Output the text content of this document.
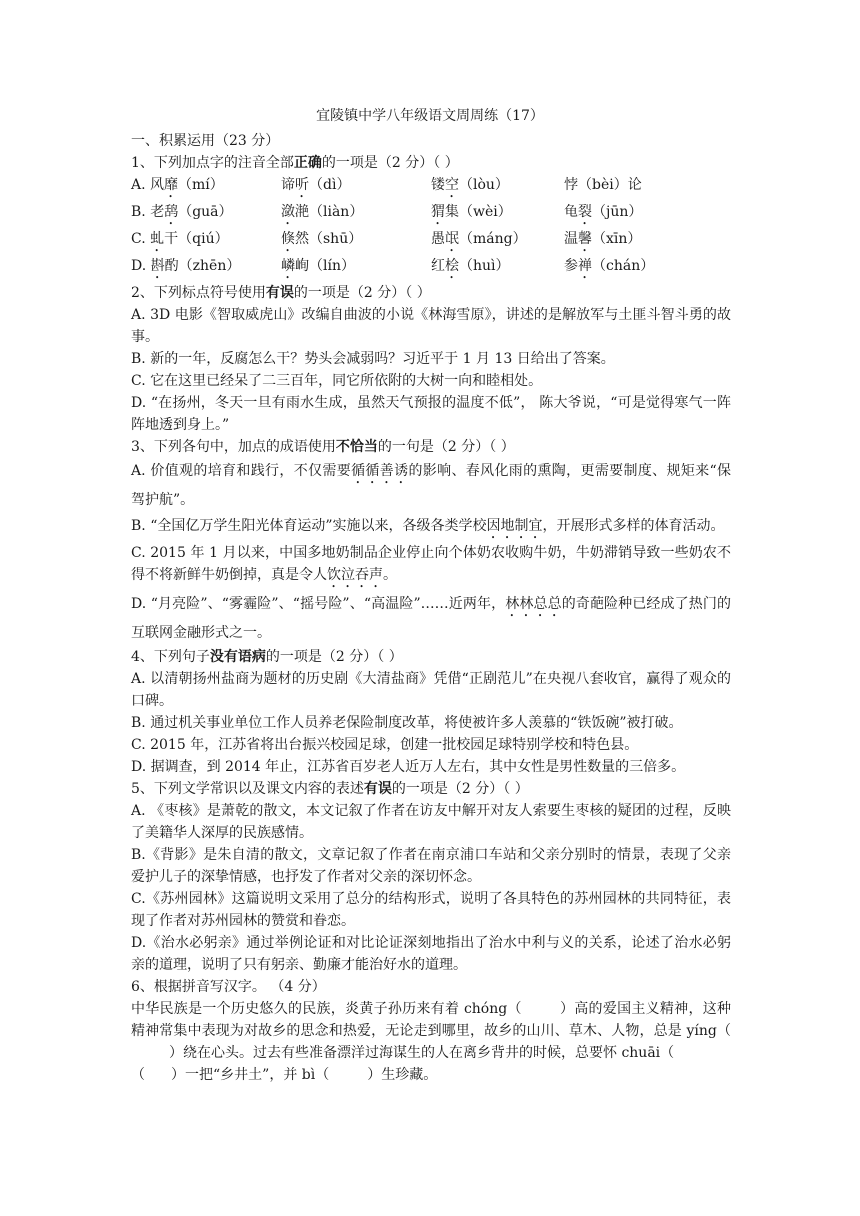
宜陵镇中学八年级语文周周练（17）
一、积累运用（23 分）
1、下列加点字的注音全部正确的一项是（2 分）（ ）
A. 风靡（mí）	谛听（dì）	镂空（lòu）	悖（bèi）论
B. 老鸹（guā）	潋滟（liàn）	猬集（wèi）	龟裂（jūn）
C. 虬干（qiú）	倏然（shū）	愚氓（máng）	温馨（xīn）
D. 斟酌（zhēn）	嶙峋（lín）	红桧（huì）	参禅（chán）
2、下列标点符号使用有误的一项是（2 分）（ ）
A. 3D 电影《智取威虎山》改编自曲波的小说《林海雪原》，讲述的是解放军与土匪斗智斗勇的故事。
B. 新的一年，反腐怎么干？势头会减弱吗？习近平于 1 月 13 日给出了答案。
C. 它在这里已经呆了二三百年，同它所依附的大树一向和睦相处。
D. “在扬州，冬天一旦有雨水生成，虽然天气预报的温度不低”， 陈大爷说，“可是觉得寒气一阵阵地透到身上。”
3、下列各句中，加点的成语使用不恰当的一句是（2 分）（ ）
A. 价值观的培育和践行，不仅需要循循善诱的影响、春风化雨的熏陶，更需要制度、规矩来“保驾护航”。
B. “全国亿万学生阳光体育运动”实施以来，各级各类学校因地制宜，开展形式多样的体育活动。
C. 2015 年 1 月以来，中国多地奶制品企业停止向个体奶农收购牛奶，牛奶滞销导致一些奶农不得不将新鲜牛奶倒掉，真是令人饮泣吞声。
D. “月亮险”、“雾霾险”、“摇号险”、“高温险”……近两年，林林总总的奇葩险种已经成了热门的互联网金融形式之一。
4、下列句子没有语病的一项是（2 分）（ ）
A. 以清朝扬州盐商为题材的历史剧《大清盐商》凭借“正剧范儿”在央视八套收官，赢得了观众的口碑。
B. 通过机关事业单位工作人员养老保险制度改革，将使被许多人羡慕的“铁饭碗”被打破。
C. 2015 年，江苏省将出台振兴校园足球，创建一批校园足球特别学校和特色县。
D. 据调查，到 2014 年止，江苏省百岁老人近万人左右，其中女性是男性数量的三倍多。
5、下列文学常识以及课文内容的表述有误的一项是（2 分）（ ）
A. 《枣核》是萧乾的散文，本文记叙了作者在访友中解开对友人索要生枣核的疑团的过程，反映了美籍华人深厚的民族感情。
B.《背影》是朱自清的散文，文章记叙了作者在南京浦口车站和父亲分别时的情景，表现了父亲爱护儿子的深挚情感，也抒发了作者对父亲的深切怀念。
C.《苏州园林》这篇说明文采用了总分的结构形式，说明了各具特色的苏州园林的共同特征，表现了作者对苏州园林的赞赏和眷恋。
D.《治水必躬亲》通过举例论证和对比论证深刻地指出了治水中利与义的关系，论述了治水必躬亲的道理，说明了只有躬亲、勤廉才能治好水的道理。
6、根据拼音写汉字。 （4 分）
中华民族是一个历史悠久的民族，炎黄子孙历来有着 chóng（	）高的爱国主义精神，这种精神常集中表现为对故乡的思念和热爱，无论走到哪里，故乡的山川、草木、人物，总是 yíng（）绕在心头。过去有些准备漂洋过海谋生的人在离乡背井的时候，总要怀 chuāi（
（ ）一把“乡井土”，并 bì（	）生珍藏。
